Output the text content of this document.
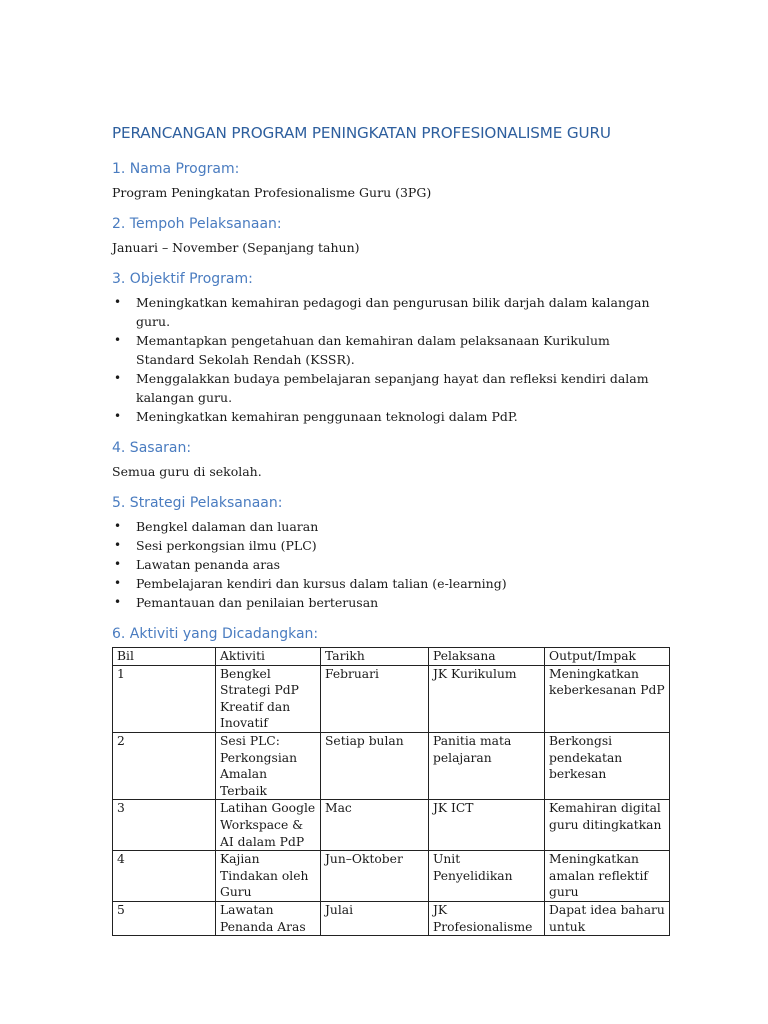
PERANCANGAN PROGRAM PENINGKATAN PROFESIONALISME GURU
1. Nama Program:

Program Peningkatan Profesionalisme Guru (3PG)

2. Tempoh Pelaksanaan:

Januari – November (Sepanjang tahun)

3. Objektif Program:
• Meningkatkan kemahiran pedagogi dan pengurusan bilik darjah dalam kalangan guru.
• Memantapkan pengetahuan dan kemahiran dalam pelaksanaan Kurikulum Standard Sekolah Rendah (KSSR).
• Menggalakkan budaya pembelajaran sepanjang hayat dan refleksi kendiri dalam kalangan guru.
• Meningkatkan kemahiran penggunaan teknologi dalam PdP.
4. Sasaran:

Semua guru di sekolah.

5. Strategi Pelaksanaan:
• Bengkel dalaman dan luaran
• Sesi perkongsian ilmu (PLC)
• Lawatan penanda aras
• Pembelajaran kendiri dan kursus dalam talian (e-learning)
• Pemantauan dan penilaian berterusan
6. Aktiviti yang Dicadangkan:
Bil	Aktiviti	Tarikh	Pelaksana	Output/Impak
1	Bengkel Strategi PdP Kreatif dan Inovatif	Februari	JK Kurikulum	Meningkatkan keberkesanan PdP
2	Sesi PLC: Perkongsian Amalan Terbaik	Setiap bulan	Panitia mata pelajaran	Berkongsi pendekatan berkesan
3	Latihan Google Workspace & AI dalam PdP	Mac	JK ICT	Kemahiran digital guru ditingkatkan
4	Kajian Tindakan oleh Guru	Jun–Oktober	Unit Penyelidikan	Meningkatkan amalan reflektif guru
5	Lawatan Penanda Aras	Julai	JK Profesionalisme	Dapat idea baharu untuk
